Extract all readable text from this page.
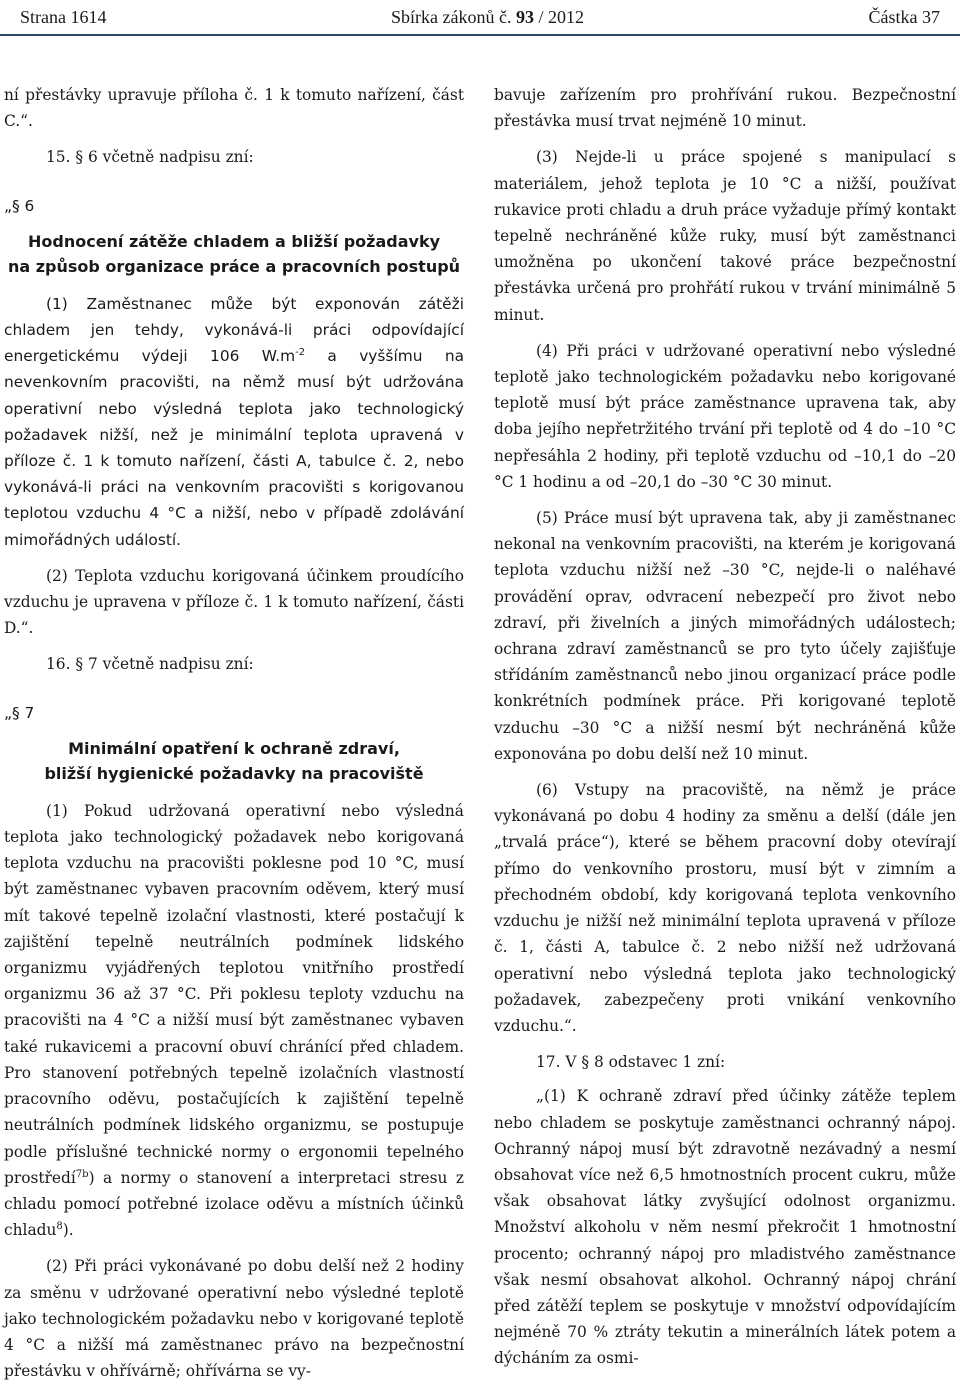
Strana 1614	Sbírka zákonů č. 93 / 2012	Částka 37

ní přestávky upravuje příloha č. 1 k tomuto nařízení, část C.“.

15. § 6 včetně nadpisu zní:

„§ 6

Hodnocení zátěže chladem a bližší požadavky
na způsob organizace práce a pracovních postupů

(1) Zaměstnanec může být exponován zátěži chladem jen tehdy, vykonává-li práci odpovídající energetickému výdeji 106 $W.m^{-2}$ a vyššímu na nevenkovním pracovišti, na němž musí být udržována operativní nebo výsledná teplota jako technologický požadavek nižší, než je minimální teplota upravená v příloze č. 1 k tomuto nařízení, části A, tabulce č. 2, nebo vykonává-li práci na venkovním pracovišti s korigovanou teplotou vzduchu 4 °C a nižší, nebo v případě zdolávání mimořádných událostí.

(2) Teplota vzduchu korigovaná účinkem proudícího vzduchu je upravena v příloze č. 1 k tomuto nařízení, části D.“.

16. § 7 včetně nadpisu zní:

„§ 7

Minimální opatření k ochraně zdraví,
bližší hygienické požadavky na pracoviště

(1) Pokud udržovaná operativní nebo výsledná teplota jako technologický požadavek nebo korigovaná teplota vzduchu na pracovišti poklesne pod 10 °C, musí být zaměstnanec vybaven pracovním oděvem, který musí mít takové tepelně izolační vlastnosti, které postačují k zajištění tepelně neutrálních podmínek lidského organizmu vyjádřených teplotou vnitřního prostředí organizmu 36 až 37 °C. Při poklesu teploty vzduchu na pracovišti na 4 °C a nižší musí být zaměstnanec vybaven také rukavicemi a pracovní obuví chránící před chladem. Pro stanovení potřebných tepelně izolačních vlastností pracovního oděvu, postačujících k zajištění tepelně neutrálních podmínek lidského organizmu, se postupuje podle příslušné technické normy o ergonomii tepelného prostředí$^{7b}$) a normy o stanovení a interpretaci stresu z chladu pomocí potřebné izolace oděvu a místních účinků chladu$^8$).

(2) Při práci vykonávané po dobu delší než 2 hodiny za směnu v udržované operativní nebo výsledné teplotě jako technologickém požadavku nebo v korigované teplotě 4 °C a nižší má zaměstnanec právo na bezpečnostní přestávku v ohřívárně; ohřívárna se vy-

bavuje zařízením pro prohřívání rukou. Bezpečnostní přestávka musí trvat nejméně 10 minut.

(3) Nejde-li u práce spojené s manipulací s materiálem, jehož teplota je 10 °C a nižší, používat rukavice proti chladu a druh práce vyžaduje přímý kontakt tepelně nechráněné kůže ruky, musí být zaměstnanci umožněna po ukončení takové práce bezpečnostní přestávka určená pro prohřátí rukou v trvání minimálně 5 minut.

(4) Při práci v udržované operativní nebo výsledné teplotě jako technologickém požadavku nebo korigované teplotě musí být práce zaměstnance upravena tak, aby doba jejího nepřetržitého trvání při teplotě od 4 do –10 °C nepřesáhla 2 hodiny, při teplotě vzduchu od –10,1 do –20 °C 1 hodinu a od –20,1 do –30 °C 30 minut.

(5) Práce musí být upravena tak, aby ji zaměstnanec nekonal na venkovním pracovišti, na kterém je korigovaná teplota vzduchu nižší než –30 °C, nejde-li o naléhavé provádění oprav, odvracení nebezpečí pro život nebo zdraví, při živelních a jiných mimořádných událostech; ochrana zdraví zaměstnanců se pro tyto účely zajišťuje střídáním zaměstnanců nebo jinou organizací práce podle konkrétních podmínek práce. Při korigované teplotě vzduchu –30 °C a nižší nesmí být nechráněná kůže exponována po dobu delší než 10 minut.

(6) Vstupy na pracoviště, na němž je práce vykonávaná po dobu 4 hodiny za směnu a delší (dále jen „trvalá práce“), které se během pracovní doby otevírají přímo do venkovního prostoru, musí být v zimním a přechodném období, kdy korigovaná teplota venkovního vzduchu je nižší než minimální teplota upravená v příloze č. 1, části A, tabulce č. 2 nebo nižší než udržovaná operativní nebo výsledná teplota jako technologický požadavek, zabezpečeny proti vnikání venkovního vzduchu.“.

17. V § 8 odstavec 1 zní:

„(1) K ochraně zdraví před účinky zátěže teplem nebo chladem se poskytuje zaměstnanci ochranný nápoj. Ochranný nápoj musí být zdravotně nezávadný a nesmí obsahovat více než 6,5 hmotnostních procent cukru, může však obsahovat látky zvyšující odolnost organizmu. Množství alkoholu v něm nesmí překročit 1 hmotnostní procento; ochranný nápoj pro mladistvého zaměstnance však nesmí obsahovat alkohol. Ochranný nápoj chrání před zátěží teplem se poskytuje v množství odpovídajícím nejméně 70 % ztráty tekutin a minerálních látek potem a dýcháním za osmi-
